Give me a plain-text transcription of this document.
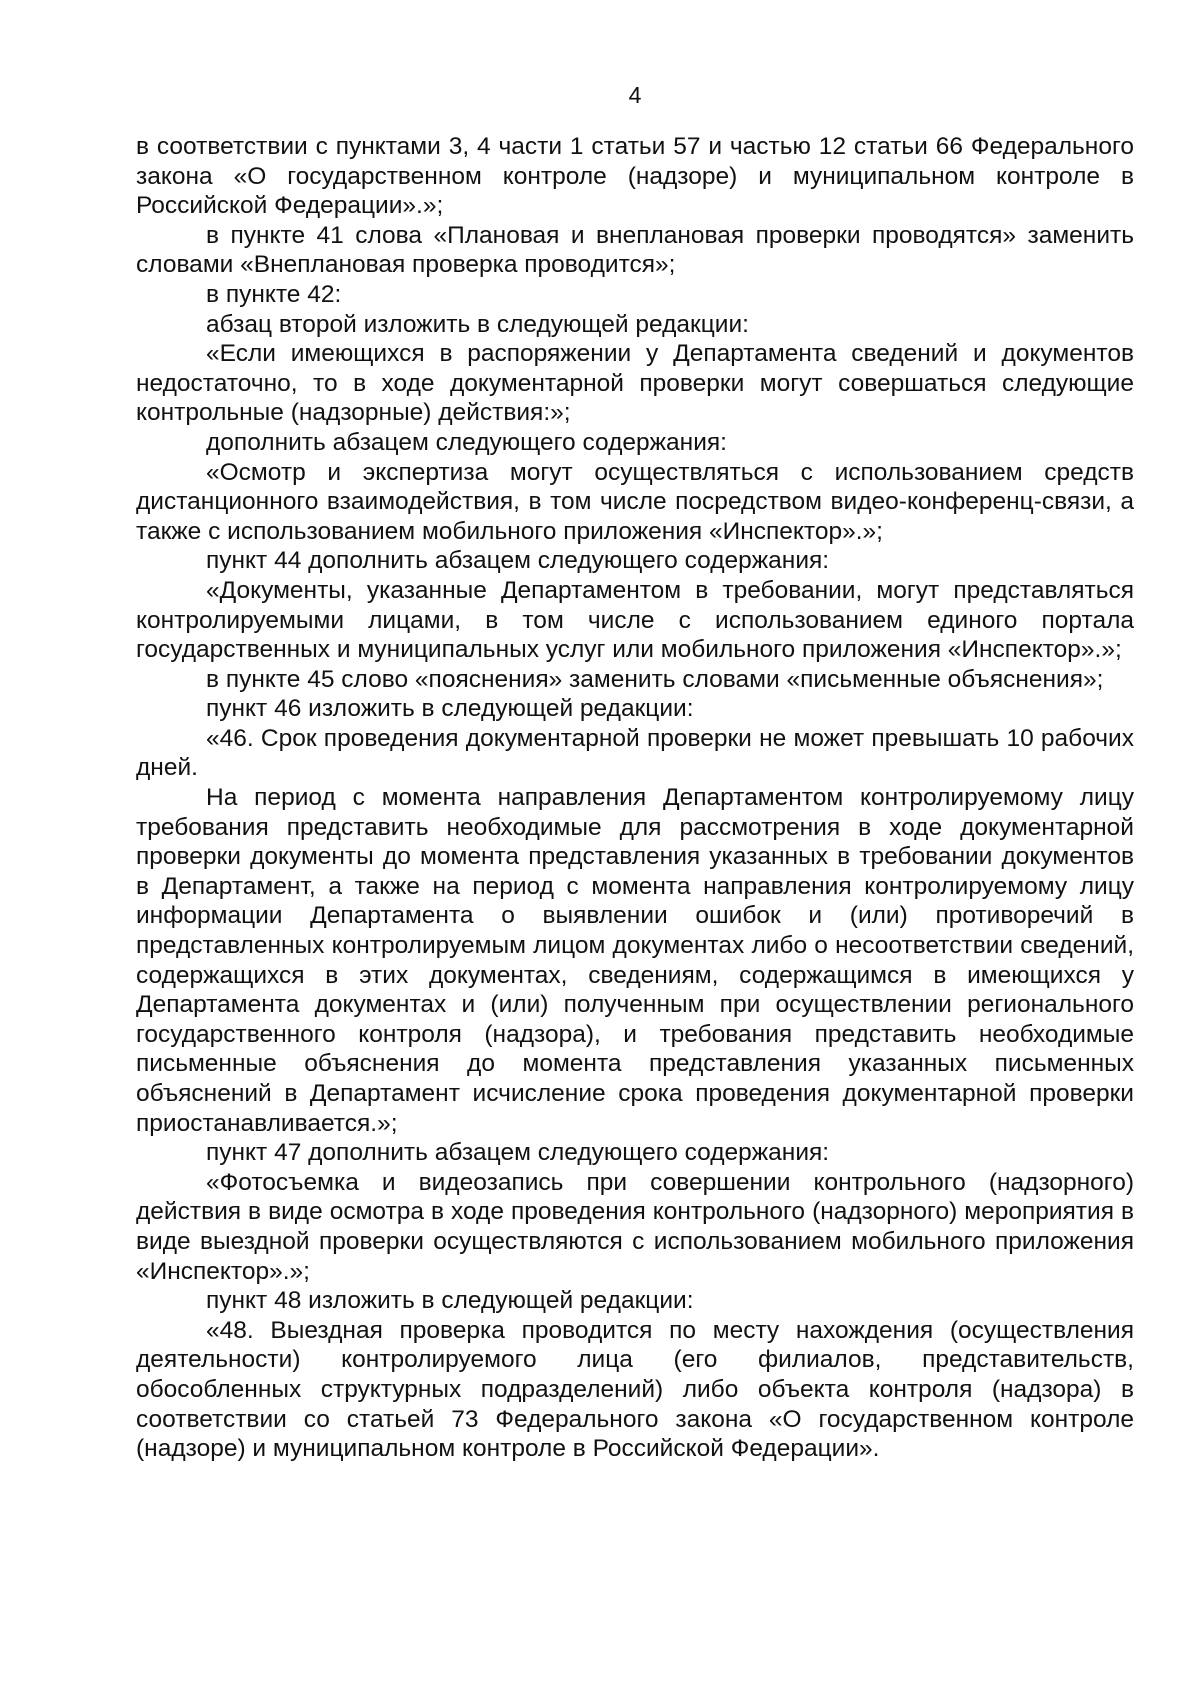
4

в соответствии с пунктами 3, 4 части 1 статьи 57 и частью 12 статьи 66 Федерального закона «О государственном контроле (надзоре) и муниципальном контроле в Российской Федерации».»;

в пункте 41 слова «Плановая и внеплановая проверки проводятся» заменить словами «Внеплановая проверка проводится»;

в пункте 42:

абзац второй изложить в следующей редакции:

«Если имеющихся в распоряжении у Департамента сведений и документов недостаточно, то в ходе документарной проверки могут совершаться следующие контрольные (надзорные) действия:»;

дополнить абзацем следующего содержания:

«Осмотр и экспертиза могут осуществляться с использованием средств дистанционного взаимодействия, в том числе посредством видео-конференц-связи, а также с использованием мобильного приложения «Инспектор».»;

пункт 44 дополнить абзацем следующего содержания:

«Документы, указанные Департаментом в требовании, могут представляться контролируемыми лицами, в том числе с использованием единого портала государственных и муниципальных услуг или мобильного приложения «Инспектор».»;

в пункте 45 слово «пояснения» заменить словами «письменные объяснения»;

пункт 46 изложить в следующей редакции:

«46. Срок проведения документарной проверки не может превышать 10 рабочих дней.

На период с момента направления Департаментом контролируемому лицу требования представить необходимые для рассмотрения в ходе документарной проверки документы до момента представления указанных в требовании документов в Департамент, а также на период с момента направления контролируемому лицу информации Департамента о выявлении ошибок и (или) противоречий в представленных контролируемым лицом документах либо о несоответствии сведений, содержащихся в этих документах, сведениям, содержащимся в имеющихся у Департамента документах и (или) полученным при осуществлении регионального государственного контроля (надзора), и требования представить необходимые письменные объяснения до момента представления указанных письменных объяснений в Департамент исчисление срока проведения документарной проверки приостанавливается.»;

пункт 47 дополнить абзацем следующего содержания:

«Фотосъемка и видеозапись при совершении контрольного (надзорного) действия в виде осмотра в ходе проведения контрольного (надзорного) мероприятия в виде выездной проверки осуществляются с использованием мобильного приложения «Инспектор».»;

пункт 48 изложить в следующей редакции:

«48. Выездная проверка проводится по месту нахождения (осуществления деятельности) контролируемого лица (его филиалов, представительств, обособленных структурных подразделений) либо объекта контроля (надзора) в соответствии со статьей 73 Федерального закона «О государственном контроле (надзоре) и муниципальном контроле в Российской Федерации».
